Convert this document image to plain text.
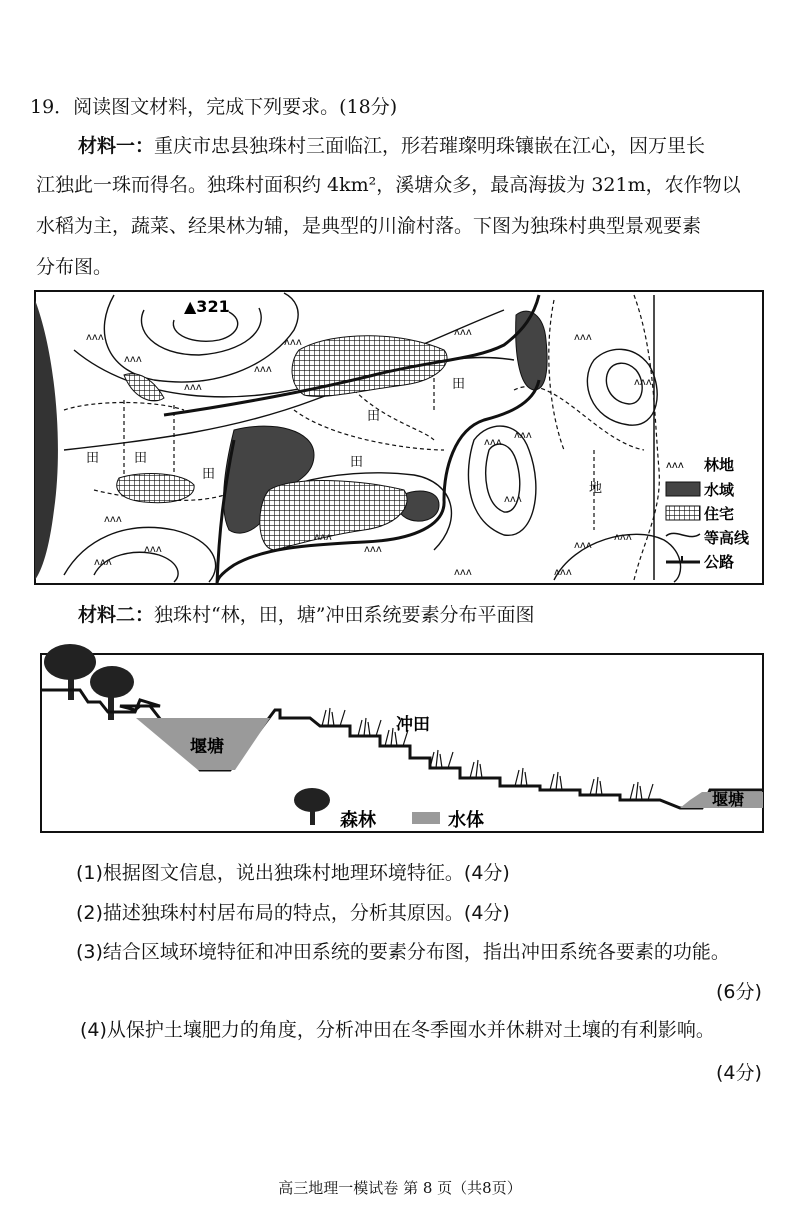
19．阅读图文材料，完成下列要求。(18分)
材料一：重庆市忠县独珠村三面临江，形若璀璨明珠镶嵌在江心，因万里长
江独此一珠而得名。独珠村面积约 4km²，溪塘众多，最高海拔为 321m，农作物以
水稻为主，蔬菜、经果林为辅，是典型的川渝村落。下图为独珠村典型景观要素
分布图。
ᴧᴧᴧ
ᴧᴧᴧ
ᴧᴧᴧ
ᴧᴧᴧ
ᴧᴧᴧ
ᴧᴧᴧ	ᴧᴧᴧ
ᴧᴧᴧ
ᴧᴧᴧ
ᴧᴧᴧ
ᴧᴧᴧ
ᴧᴧᴧ
ᴧᴧᴧ
ᴧᴧᴧ
ᴧᴧᴧ
ᴧᴧᴧ
ᴧᴧᴧ
ᴧᴧᴧ
ᴧᴧᴧ
ᴧᴧᴧ
▲321
田	田
田
田
田
田
地
ᴧᴧᴧ 林地
水域
住宅
等高线
公路
材料二：独珠村“林，田，塘”冲田系统要素分布平面图
堰塘
冲田
堰塘
森林	水体
(1)根据图文信息，说出独珠村地理环境特征。(4分)
(2)描述独珠村村居布局的特点，分析其原因。(4分)
(3)结合区域环境特征和冲田系统的要素分布图，指出冲田系统各要素的功能。
(6分)
(4)从保护土壤肥力的角度，分析冲田在冬季囤水并休耕对土壤的有利影响。
(4分)
高三地理一模试卷 第 8 页（共8页）
